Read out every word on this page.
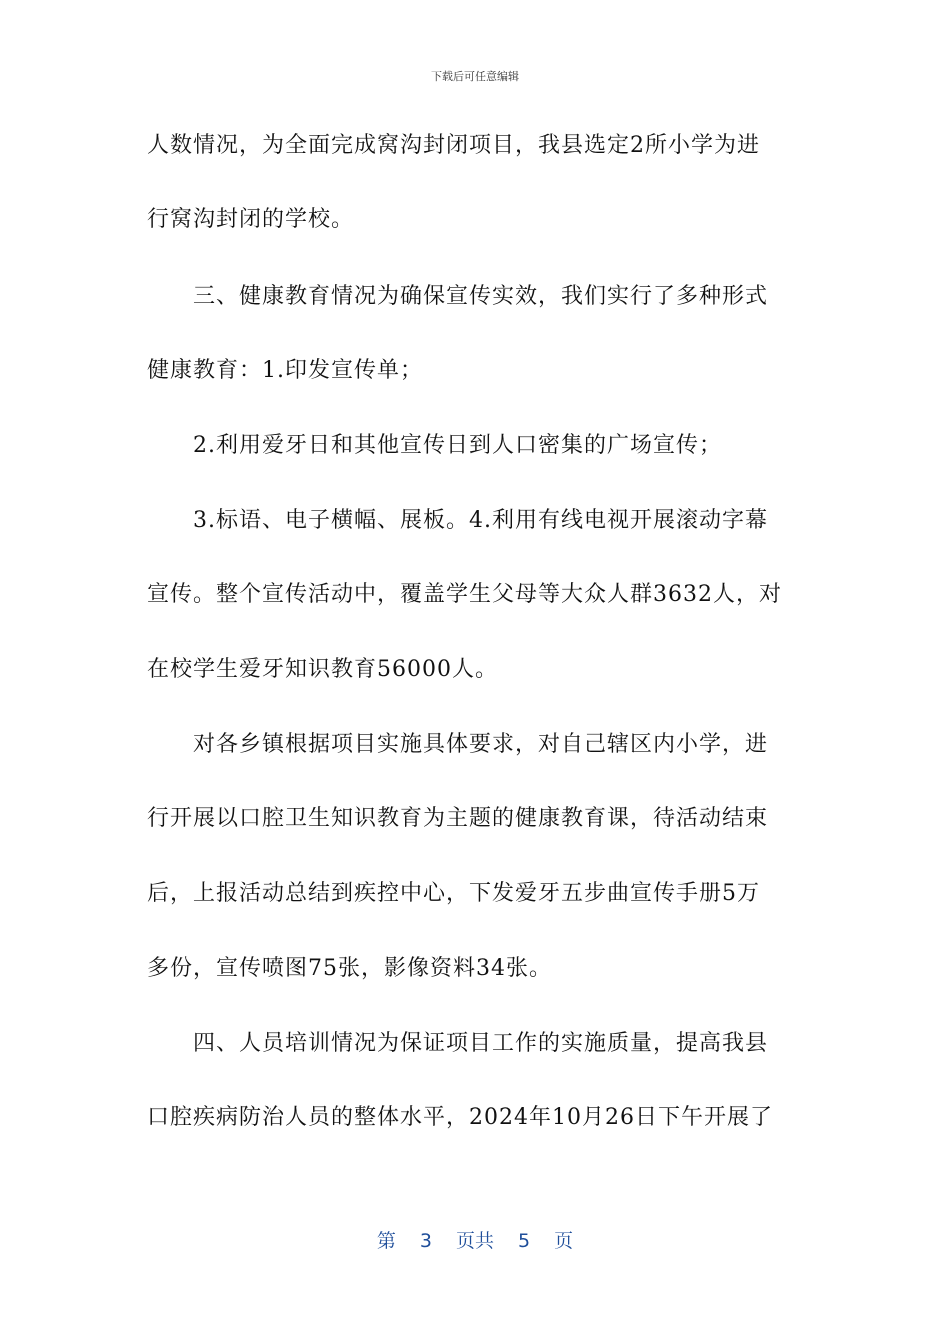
下载后可任意编辑
人数情况，为全面完成窝沟封闭项目，我县选定2所小学为进
行窝沟封闭的学校。
三、健康教育情况为确保宣传实效，我们实行了多种形式
健康教育：1.印发宣传单；
2.利用爱牙日和其他宣传日到人口密集的广场宣传；
3.标语、电子横幅、展板。4.利用有线电视开展滚动字幕
宣传。整个宣传活动中，覆盖学生父母等大众人群3632人，对
在校学生爱牙知识教育56000人。
对各乡镇根据项目实施具体要求，对自己辖区内小学，进
行开展以口腔卫生知识教育为主题的健康教育课，待活动结束
后，上报活动总结到疾控中心，下发爱牙五步曲宣传手册5万
多份，宣传喷图75张，影像资料34张。
四、人员培训情况为保证项目工作的实施质量，提高我县
口腔疾病防治人员的整体水平，2024年10月26日下午开展了
第 3 页共 5 页
